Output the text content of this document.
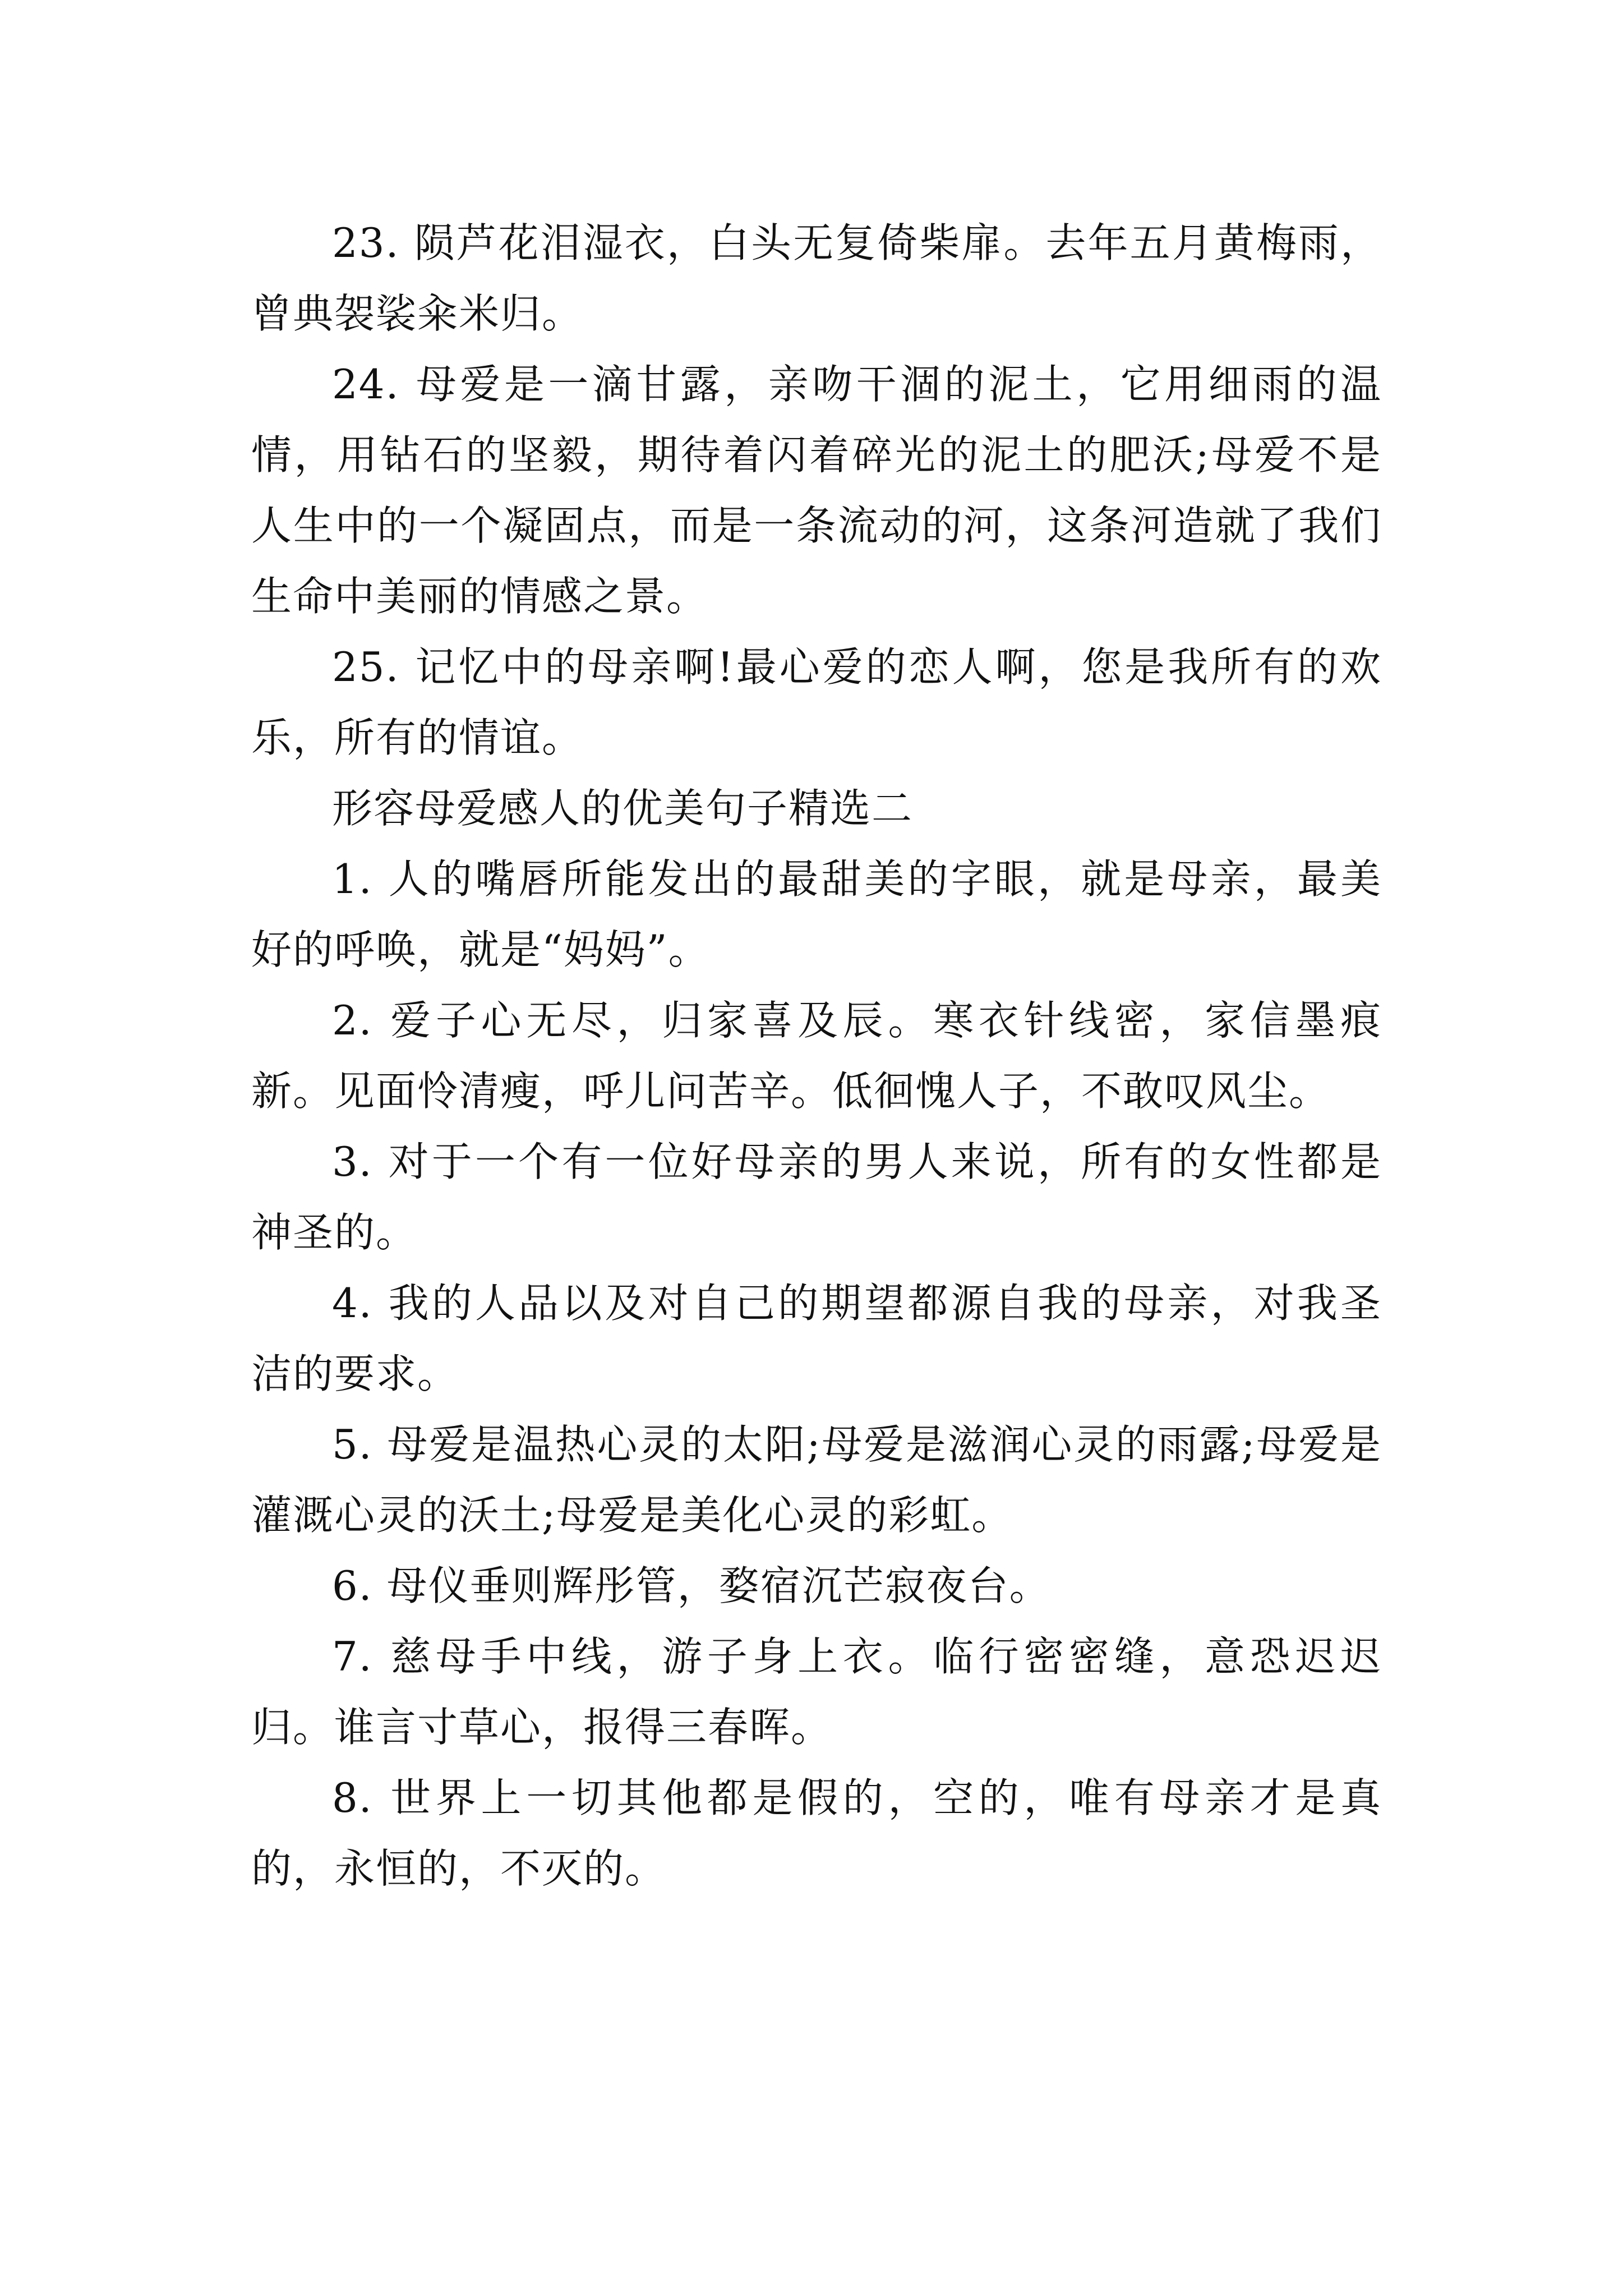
23. 陨芦花泪湿衣，白头无复倚柴扉。去年五月黄梅雨，曾典袈裟籴米归。

24. 母爱是一滴甘露，亲吻干涸的泥土，它用细雨的温情，用钻石的坚毅，期待着闪着碎光的泥土的肥沃;母爱不是人生中的一个凝固点，而是一条流动的河，这条河造就了我们生命中美丽的情感之景。

25. 记忆中的母亲啊!最心爱的恋人啊，您是我所有的欢乐，所有的情谊。

形容母爱感人的优美句子精选二

1. 人的嘴唇所能发出的最甜美的字眼，就是母亲，最美好的呼唤，就是“妈妈”。

2. 爱子心无尽，归家喜及辰。寒衣针线密，家信墨痕新。见面怜清瘦，呼儿问苦辛。低徊愧人子，不敢叹风尘。

3. 对于一个有一位好母亲的男人来说，所有的女性都是神圣的。

4. 我的人品以及对自己的期望都源自我的母亲，对我圣洁的要求。

5. 母爱是温热心灵的太阳;母爱是滋润心灵的雨露;母爱是灌溉心灵的沃土;母爱是美化心灵的彩虹。

6. 母仪垂则辉彤管，婺宿沉芒寂夜台。

7. 慈母手中线，游子身上衣。临行密密缝，意恐迟迟归。谁言寸草心，报得三春晖。

8. 世界上一切其他都是假的，空的，唯有母亲才是真的，永恒的，不灭的。
